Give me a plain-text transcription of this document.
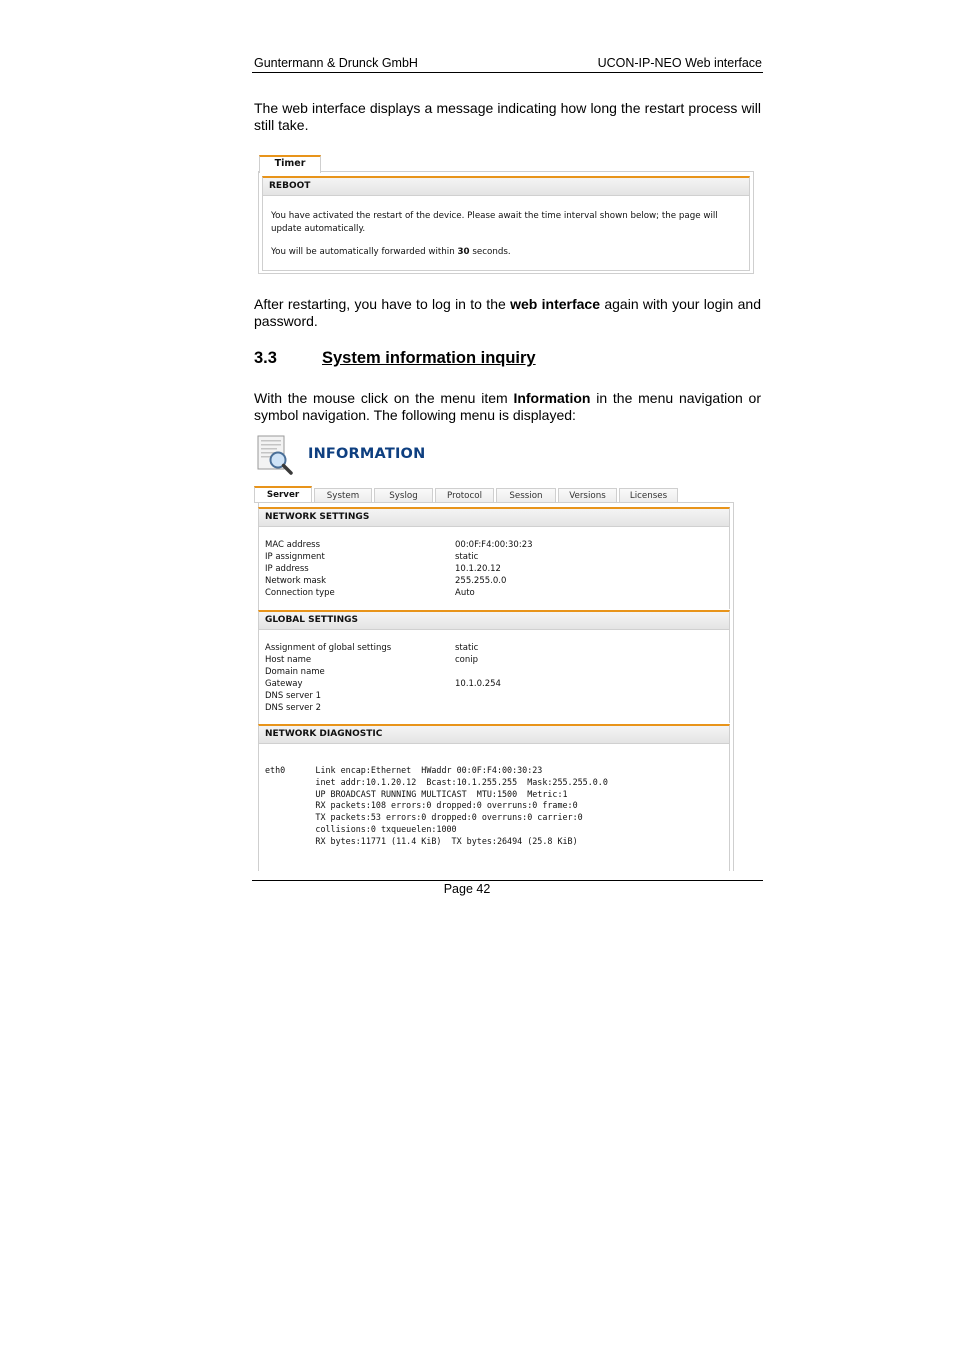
Guntermann & Drunck GmbH	UCON-IP-NEO Web interface
The web interface displays a message indicating how long the restart process will still take.
Timer
REBOOT

You have activated the restart of the device. Please await the time interval shown below; the page will update automatically.

You will be automatically forwarded within 30 seconds.

After restarting, you have to log in to the web interface again with your login and password.
3.3	System information inquiry
With the mouse click on the menu item Information in the menu navigation or symbol navigation. The following menu is displayed:
INFORMATION
Server	System	Syslog	Protocol	Session	Versions	Licenses
NETWORK SETTINGS
MAC address	00:0F:F4:00:30:23
IP assignment	static
IP address	10.1.20.12
Network mask	255.255.0.0
Connection type	Auto
GLOBAL SETTINGS
Assignment of global settings	static
Host name	conip
Domain name
Gateway	10.1.0.254
DNS server 1
DNS server 2
NETWORK DIAGNOSTIC
eth0      Link encap:Ethernet  HWaddr 00:0F:F4:00:30:23
inet addr:10.1.20.12  Bcast:10.1.255.255  Mask:255.255.0.0
UP BROADCAST RUNNING MULTICAST  MTU:1500  Metric:1
RX packets:108 errors:0 dropped:0 overruns:0 frame:0
TX packets:53 errors:0 dropped:0 overruns:0 carrier:0
collisions:0 txqueuelen:1000
RX bytes:11771 (11.4 KiB)  TX bytes:26494 (25.8 KiB)
Page 42
